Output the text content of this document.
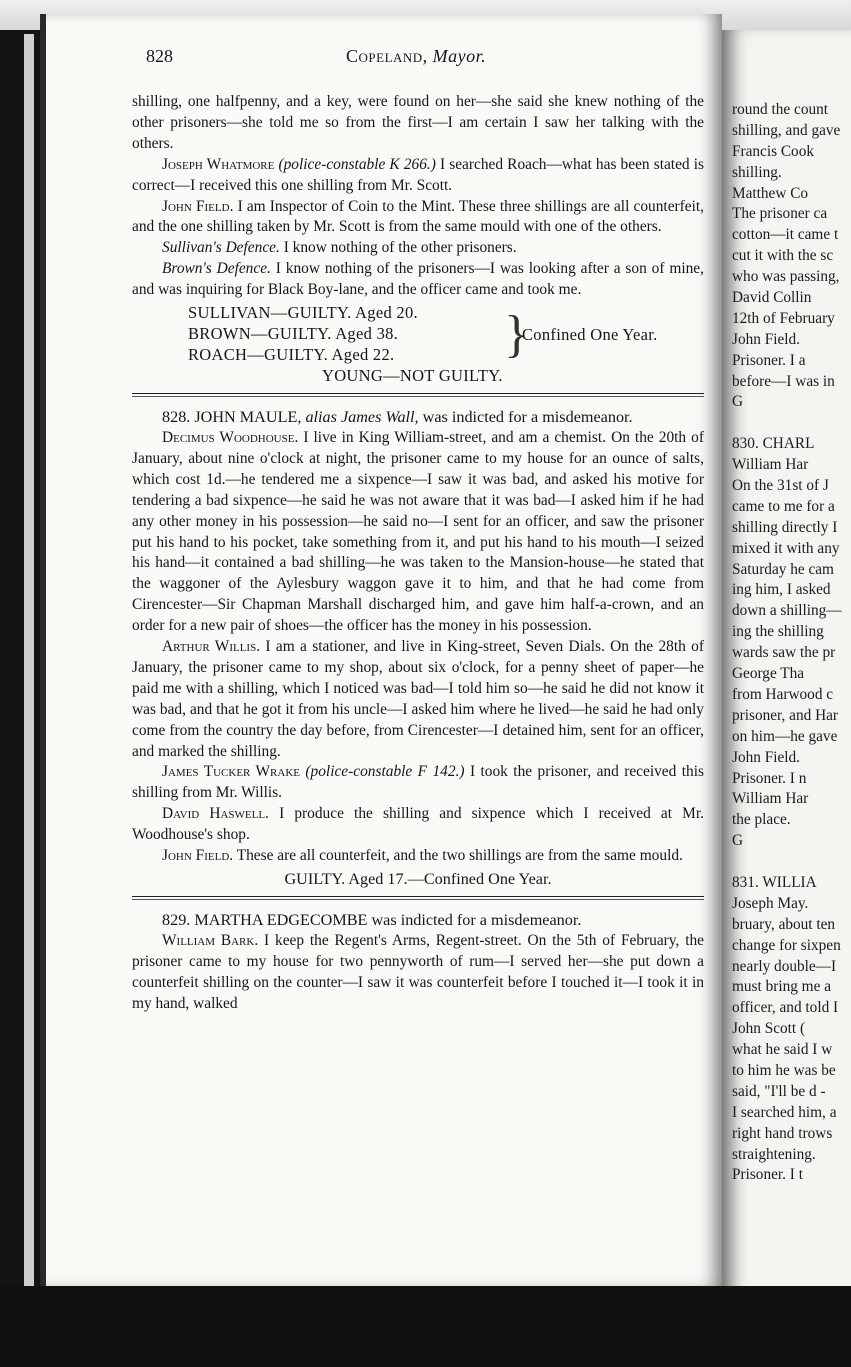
round the count
shilling, and gave
Francis Cook
shilling.
Matthew Co
The prisoner ca
cotton—it came t
cut it with the sc
who was passing,
David Collin
12th of February
John Field.
Prisoner. I a
before—I was in
G
830. CHARL
William Har
On the 31st of J
came to me for a
shilling directly I
mixed it with any
Saturday he cam
ing him, I asked
down a shilling—
ing the shilling
wards saw the pr
George Tha
from Harwood c
prisoner, and Har
on him—he gave
John Field.
Prisoner. I n
William Har
the place.
G
831. WILLIA
Joseph May.
bruary, about ten
change for sixpen
nearly double—I
must bring me a
officer, and told I
John Scott (
what he said I w
to him he was be
said, "I'll be d -
I searched him, a
right hand trows
straightening.
Prisoner. I t
828	Copeland, Mayor.

shilling, one halfpenny, and a key, were found on her—she said she knew nothing of the other prisoners—she told me so from the first—I am certain I saw her talking with the others.

Joseph Whatmore (police-constable K 266.) I searched Roach—what has been stated is correct—I received this one shilling from Mr. Scott.

John Field. I am Inspector of Coin to the Mint. These three shillings are all counterfeit, and the one shilling taken by Mr. Scott is from the same mould with one of the others.

Sullivan's Defence. I know nothing of the other prisoners.

Brown's Defence. I know nothing of the prisoners—I was looking after a son of mine, and was inquiring for Black Boy-lane, and the officer came and took me.

SULLIVAN—GUILTY. Aged 20.
BROWN—GUILTY. Aged 38.
ROACH—GUILTY. Aged 22. }
Confined One Year.
YOUNG—NOT GUILTY.

828. JOHN MAULE, alias James Wall, was indicted for a misdemeanor.

Decimus Woodhouse. I live in King William-street, and am a chemist. On the 20th of January, about nine o'clock at night, the prisoner came to my house for an ounce of salts, which cost 1d.—he tendered me a sixpence—I saw it was bad, and asked his motive for tendering a bad sixpence—he said he was not aware that it was bad—I asked him if he had any other money in his possession—he said no—I sent for an officer, and saw the prisoner put his hand to his pocket, take something from it, and put his hand to his mouth—I seized his hand—it contained a bad shilling—he was taken to the Mansion-house—he stated that the waggoner of the Aylesbury waggon gave it to him, and that he had come from Cirencester—Sir Chapman Marshall discharged him, and gave him half-a-crown, and an order for a new pair of shoes—the officer has the money in his possession.

Arthur Willis. I am a stationer, and live in King-street, Seven Dials. On the 28th of January, the prisoner came to my shop, about six o'clock, for a penny sheet of paper—he paid me with a shilling, which I noticed was bad—I told him so—he said he did not know it was bad, and that he got it from his uncle—I asked him where he lived—he said he had only come from the country the day before, from Cirencester—I detained him, sent for an officer, and marked the shilling.

James Tucker Wrake (police-constable F 142.) I took the prisoner, and received this shilling from Mr. Willis.

David Haswell. I produce the shilling and sixpence which I received at Mr. Woodhouse's shop.

John Field. These are all counterfeit, and the two shillings are from the same mould.

GUILTY. Aged 17.—Confined One Year.

829. MARTHA EDGECOMBE was indicted for a misdemeanor.

William Bark. I keep the Regent's Arms, Regent-street. On the 5th of February, the prisoner came to my house for two pennyworth of rum—I served her—she put down a counterfeit shilling on the counter—I saw it was counterfeit before I touched it—I took it in my hand, walked
